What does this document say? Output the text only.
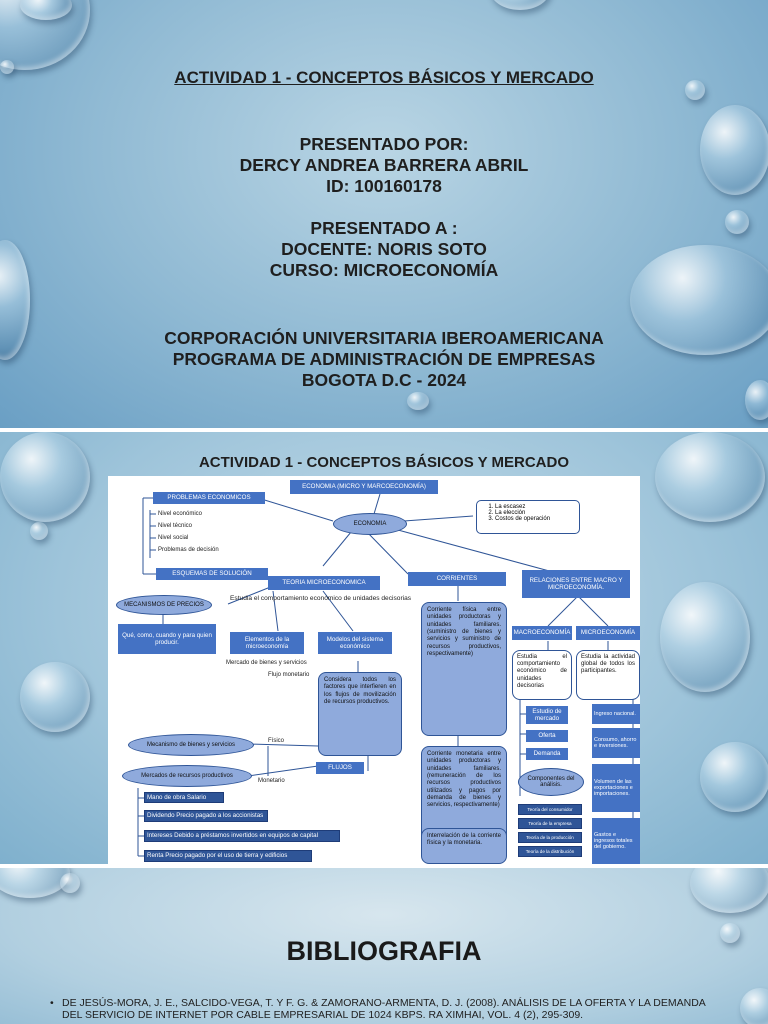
ACTIVIDAD 1 - CONCEPTOS BÁSICOS Y MERCADO
PRESENTADO POR:
DERCY ANDREA BARRERA ABRIL
ID: 100160178
PRESENTADO A :
DOCENTE: NORIS SOTO
CURSO: MICROECONOMÍA
CORPORACIÓN UNIVERSITARIA IBEROAMERICANA
PROGRAMA DE ADMINISTRACIÓN DE EMPRESAS
BOGOTA D.C - 2024
ACTIVIDAD 1 - CONCEPTOS BÁSICOS Y MERCADO
ECONOMIA (MICRO Y MARCOECONOMÍA)
ECONOMIA
PROBLEMAS ECONOMICOS
Nivel económico
Nivel técnico
Nivel social
Problemas de decisión
ESQUEMAS DE SOLUCIÓN
1. La escasez
2. La elección
3. Costos de operación
TEORIA MICROECONOMICA
Estudia el comportamiento económico de unidades decisorias
MECANISMOS DE PRECIOS
Qué, como, cuando y para quien producir.	Elementos de la microeconomía
Modelos del sistema económico
Mercado de bienes y servicios
Flujo monetario
Considera todos los factores que interfieren en los flujos de movilización de recursos productivos.
Físico
Monetario
Mecanismo de bienes y servicios
Mercados de recursos productivos
FLUJOS
Mano de obra Salario
Dividendo Precio pagado a los accionistas
Intereses Debido a préstamos invertidos en equipos de capital
Renta Precio pagado por el uso de tierra y edificios
CORRIENTES
Corriente física entre unidades productoras y unidades familiares. (suministro de bienes y servicios y suministro de recursos productivos, respectivamente)
Corriente monetaria entre unidades productoras y unidades familiares. (remuneración de los recursos productivos utilizados y pagos por demanda de bienes y servicios, respectivamente)
Interrelación de la corriente física y la monetaria.
RELACIONES ENTRE MACRO Y MICROECONOMÍA.
MACROECONOMÍA	MICROECONOMÍA
Estudia el comportamiento económico de unidades decisorias
Estudia la actividad global de todos los participantes.
Estudio de mercado
Oferta
Demanda
Componentes del análisis.
Teoría del consumidor
Teoría de la empresa
Teoría de la producción
Teoría de la distribución
Ingreso nacional.
Consumo, ahorro e inversiones.
Volumen de las exportaciones e importaciones.
Gastos e ingresos totales del gobierno.
BIBLIOGRAFIA
• DE JESÚS-MORA, J. E., SALCIDO-VEGA, T. Y F. G. & ZAMORANO-ARMENTA, D. J. (2008). ANÁLISIS DE LA OFERTA Y LA DEMANDA DEL SERVICIO DE INTERNET POR CABLE EMPRESARIAL DE 1024 KBPS. RA XIMHAI, VOL. 4 (2), 295-309.
